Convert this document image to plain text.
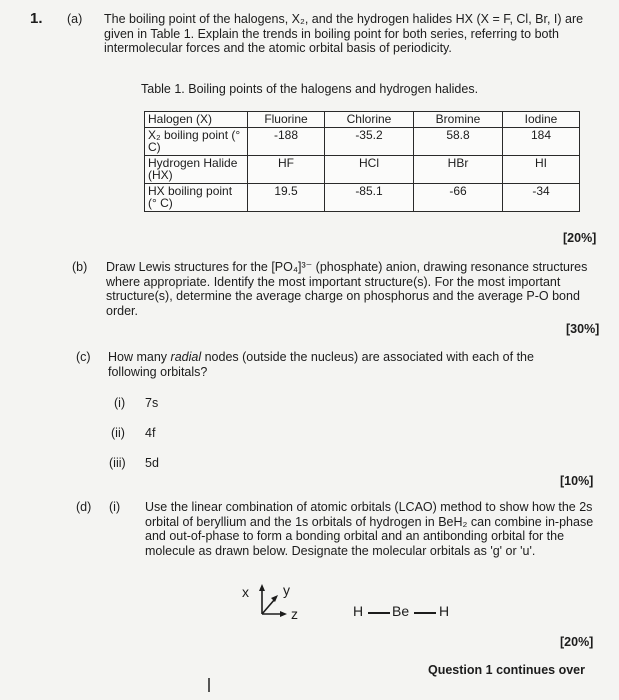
1. (a) The boiling point of the halogens, X₂, and the hydrogen halides HX (X = F, Cl, Br, I) are given in Table 1. Explain the trends in boiling point for both series, referring to both intermolecular forces and the atomic orbital basis of periodicity.
Table 1. Boiling points of the halogens and hydrogen halides.
Halogen (X)	Fluorine	Chlorine	Bromine	Iodine
X₂ boiling point (° C)	-188	-35.2	58.8	184
Hydrogen Halide (HX)	HF	HCl	HBr	HI
HX boiling point (° C)	19.5	-85.1	-66	-34
[20%]
(b) Draw Lewis structures for the [PO₄]³⁻ (phosphate) anion, drawing resonance structures where appropriate. Identify the most important structure(s). For the most important structure(s), determine the average charge on phosphorus and the average P-O bond order.
[30%]
(c) How many radial nodes (outside the nucleus) are associated with each of the following orbitals?
(i) 7s
(ii) 4f
(iii) 5d
[10%]
(d) (i) Use the linear combination of atomic orbitals (LCAO) method to show how the 2s orbital of beryllium and the 1s orbitals of hydrogen in BeH₂ can combine in-phase and out-of-phase to form a bonding orbital and an antibonding orbital for the molecule as drawn below. Designate the molecular orbitals as 'g' or 'u'.
x y
z	H Be H
[20%]
Question 1 continues over
